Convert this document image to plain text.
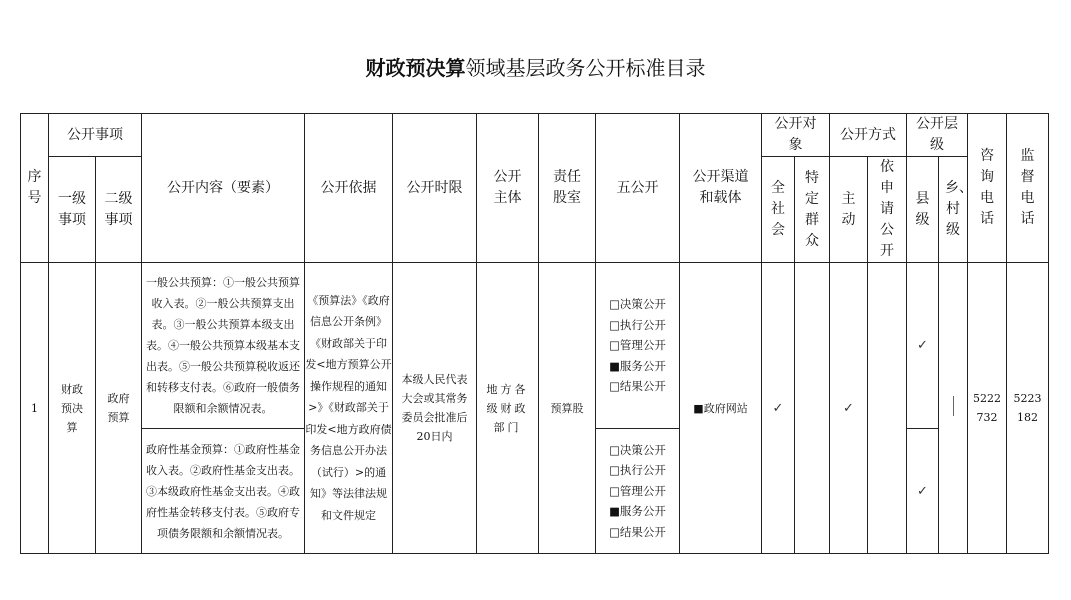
财政预决算领域基层政务公开标准目录
序号	公开事项		公开内容（要素）	公开依据	公开时限	公开主体	责任股室	五公开	公开渠道和载体	公开对象		公开方式		公开层级		咨询电话	监督电话
	一级事项	二级事项								全社会	特定群众	主动	依申请公开	县级	乡、村级		
1	财政预决算	政府预算	一般公共预算：①一般公共预算收入表。②一般公共预算支出表。③一般公共预算本级支出表。④一般公共预算本级基本支出表。⑤一般公共预算税收返还和转移支付表。⑥政府一般债务限额和余额情况表。	《预算法》《政府信息公开条例》《财政部关于印发<地方预算公开操作规程的通知>》《财政部关于印发<地方政府债务信息公开办法（试行）>的通知》等法律法规和文件规定	本级人民代表大会或其常务委员会批准后20日内	地方各级财政部门	预算股	□决策公开
□执行公开
□管理公开
■服务公开
□结果公开	■政府网站	✓		✓		✓		5222732	5223182
			政府性基金预算：①政府性基金收入表。②政府性基金支出表。③本级政府性基金支出表。④政府性基金转移支付表。⑤政府专项债务限额和余额情况表。					□决策公开
□执行公开
□管理公开
■服务公开
□结果公开						✓			
